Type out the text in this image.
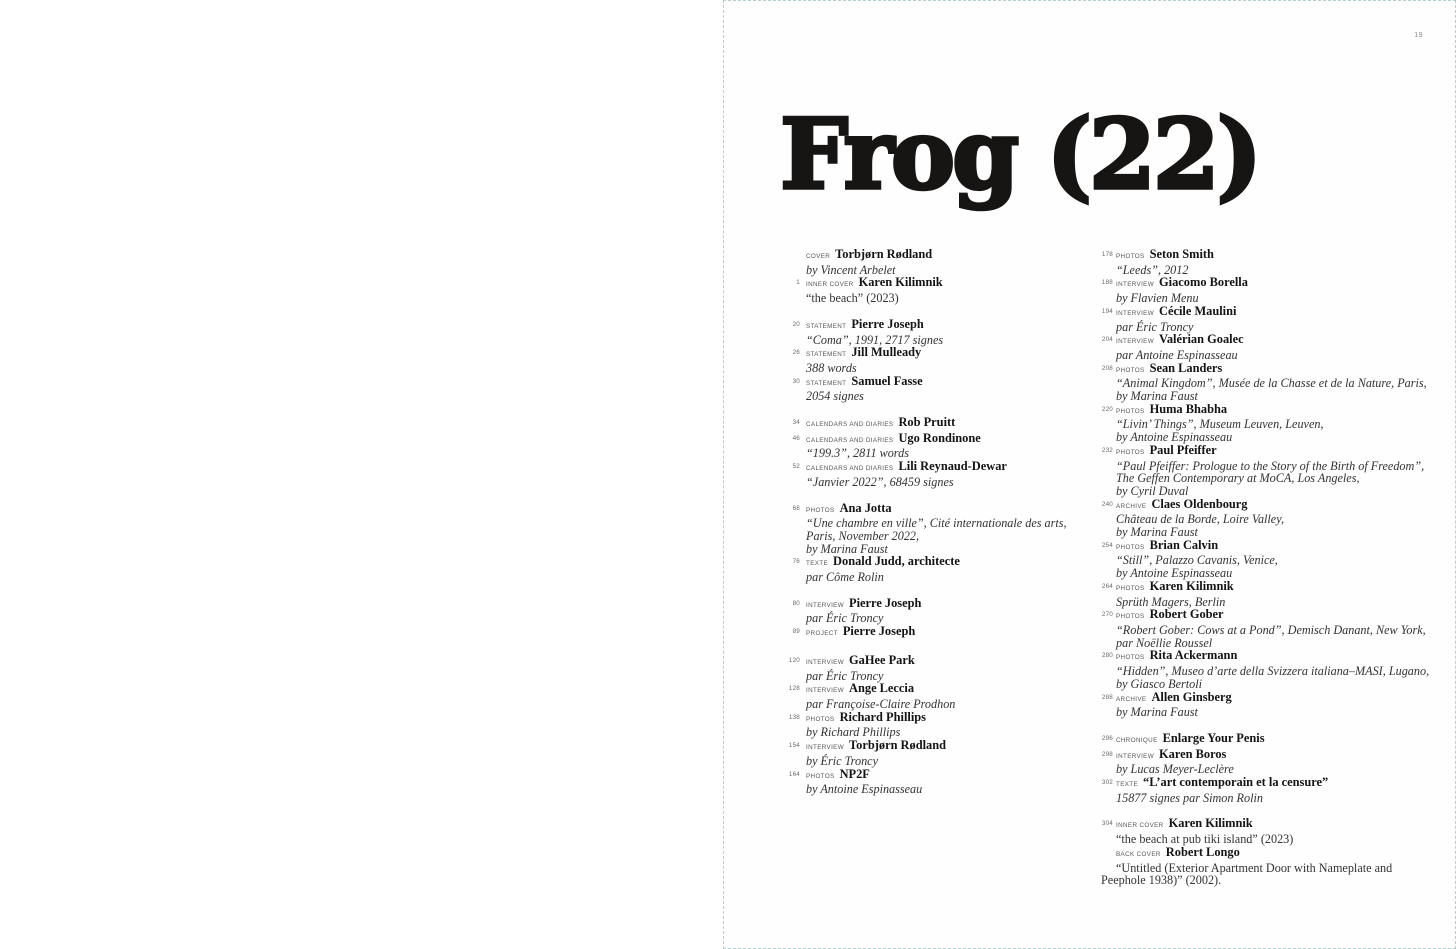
19
Frog (22)
COVER Torbjørn Rødland
by Vincent Arbelet
1 INNER COVER Karen Kilimnik
“the beach” (2023)
20 STATEMENT Pierre Joseph
“Coma”, 1991, 2717 signes
26 STATEMENT Jill Mulleady
388 words
30 STATEMENT Samuel Fasse
2054 signes
34 CALENDARS AND DIARIES Rob Pruitt
46 CALENDARS AND DIARIES Ugo Rondinone
“199.3”, 2811 words
52 CALENDARS AND DIARIES Lili Reynaud-Dewar
“Janvier 2022”, 68459 signes
68 PHOTOS Ana Jotta
“Une chambre en ville”, Cité internationale des arts,
Paris, November 2022,
by Marina Faust
76 TEXTE Donald Judd, architecte
par Côme Rolin
80 INTERVIEW Pierre Joseph
par Éric Troncy
89 PROJECT Pierre Joseph
120 INTERVIEW GaHee Park
par Éric Troncy
128 INTERVIEW Ange Leccia
par Françoise-Claire Prodhon
138 PHOTOS Richard Phillips
by Richard Phillips
154 INTERVIEW Torbjørn Rødland
by Éric Troncy
164 PHOTOS NP2F
by Antoine Espinasseau
178 PHOTOS Seton Smith
“Leeds”, 2012
188 INTERVIEW Giacomo Borella
by Flavien Menu
194 INTERVIEW Cécile Maulini
par Éric Troncy
204 INTERVIEW Valérian Goalec
par Antoine Espinasseau
208 PHOTOS Sean Landers
“Animal Kingdom”, Musée de la Chasse et de la Nature, Paris,
by Marina Faust
220 PHOTOS Huma Bhabha
“Livin’ Things”, Museum Leuven, Leuven,
by Antoine Espinasseau
232 PHOTOS Paul Pfeiffer
“Paul Pfeiffer: Prologue to the Story of the Birth of Freedom”,
The Geffen Contemporary at MoCA, Los Angeles,
by Cyril Duval
240 ARCHIVE Claes Oldenbourg
Château de la Borde, Loire Valley,
by Marina Faust
254 PHOTOS Brian Calvin
“Still”, Palazzo Cavanis, Venice,
by Antoine Espinasseau
264 PHOTOS Karen Kilimnik
Sprüth Magers, Berlin
270 PHOTOS Robert Gober
“Robert Gober: Cows at a Pond”, Demisch Danant, New York,
par Noëllie Roussel
280 PHOTOS Rita Ackermann
“Hidden”, Museo d’arte della Svizzera italiana–MASI, Lugano,
by Giasco Bertoli
288 ARCHIVE Allen Ginsberg
by Marina Faust
296 CHRONIQUE Enlarge Your Penis
298 INTERVIEW Karen Boros
by Lucas Meyer-Leclère
302 TEXTE “L’art contemporain et la censure”
15877 signes par Simon Rolin
304 INNER COVER Karen Kilimnik
“the beach at pub tiki island” (2023)
BACK COVER Robert Longo
“Untitled (Exterior Apartment Door with Nameplate and
Peephole 1938)” (2002).
